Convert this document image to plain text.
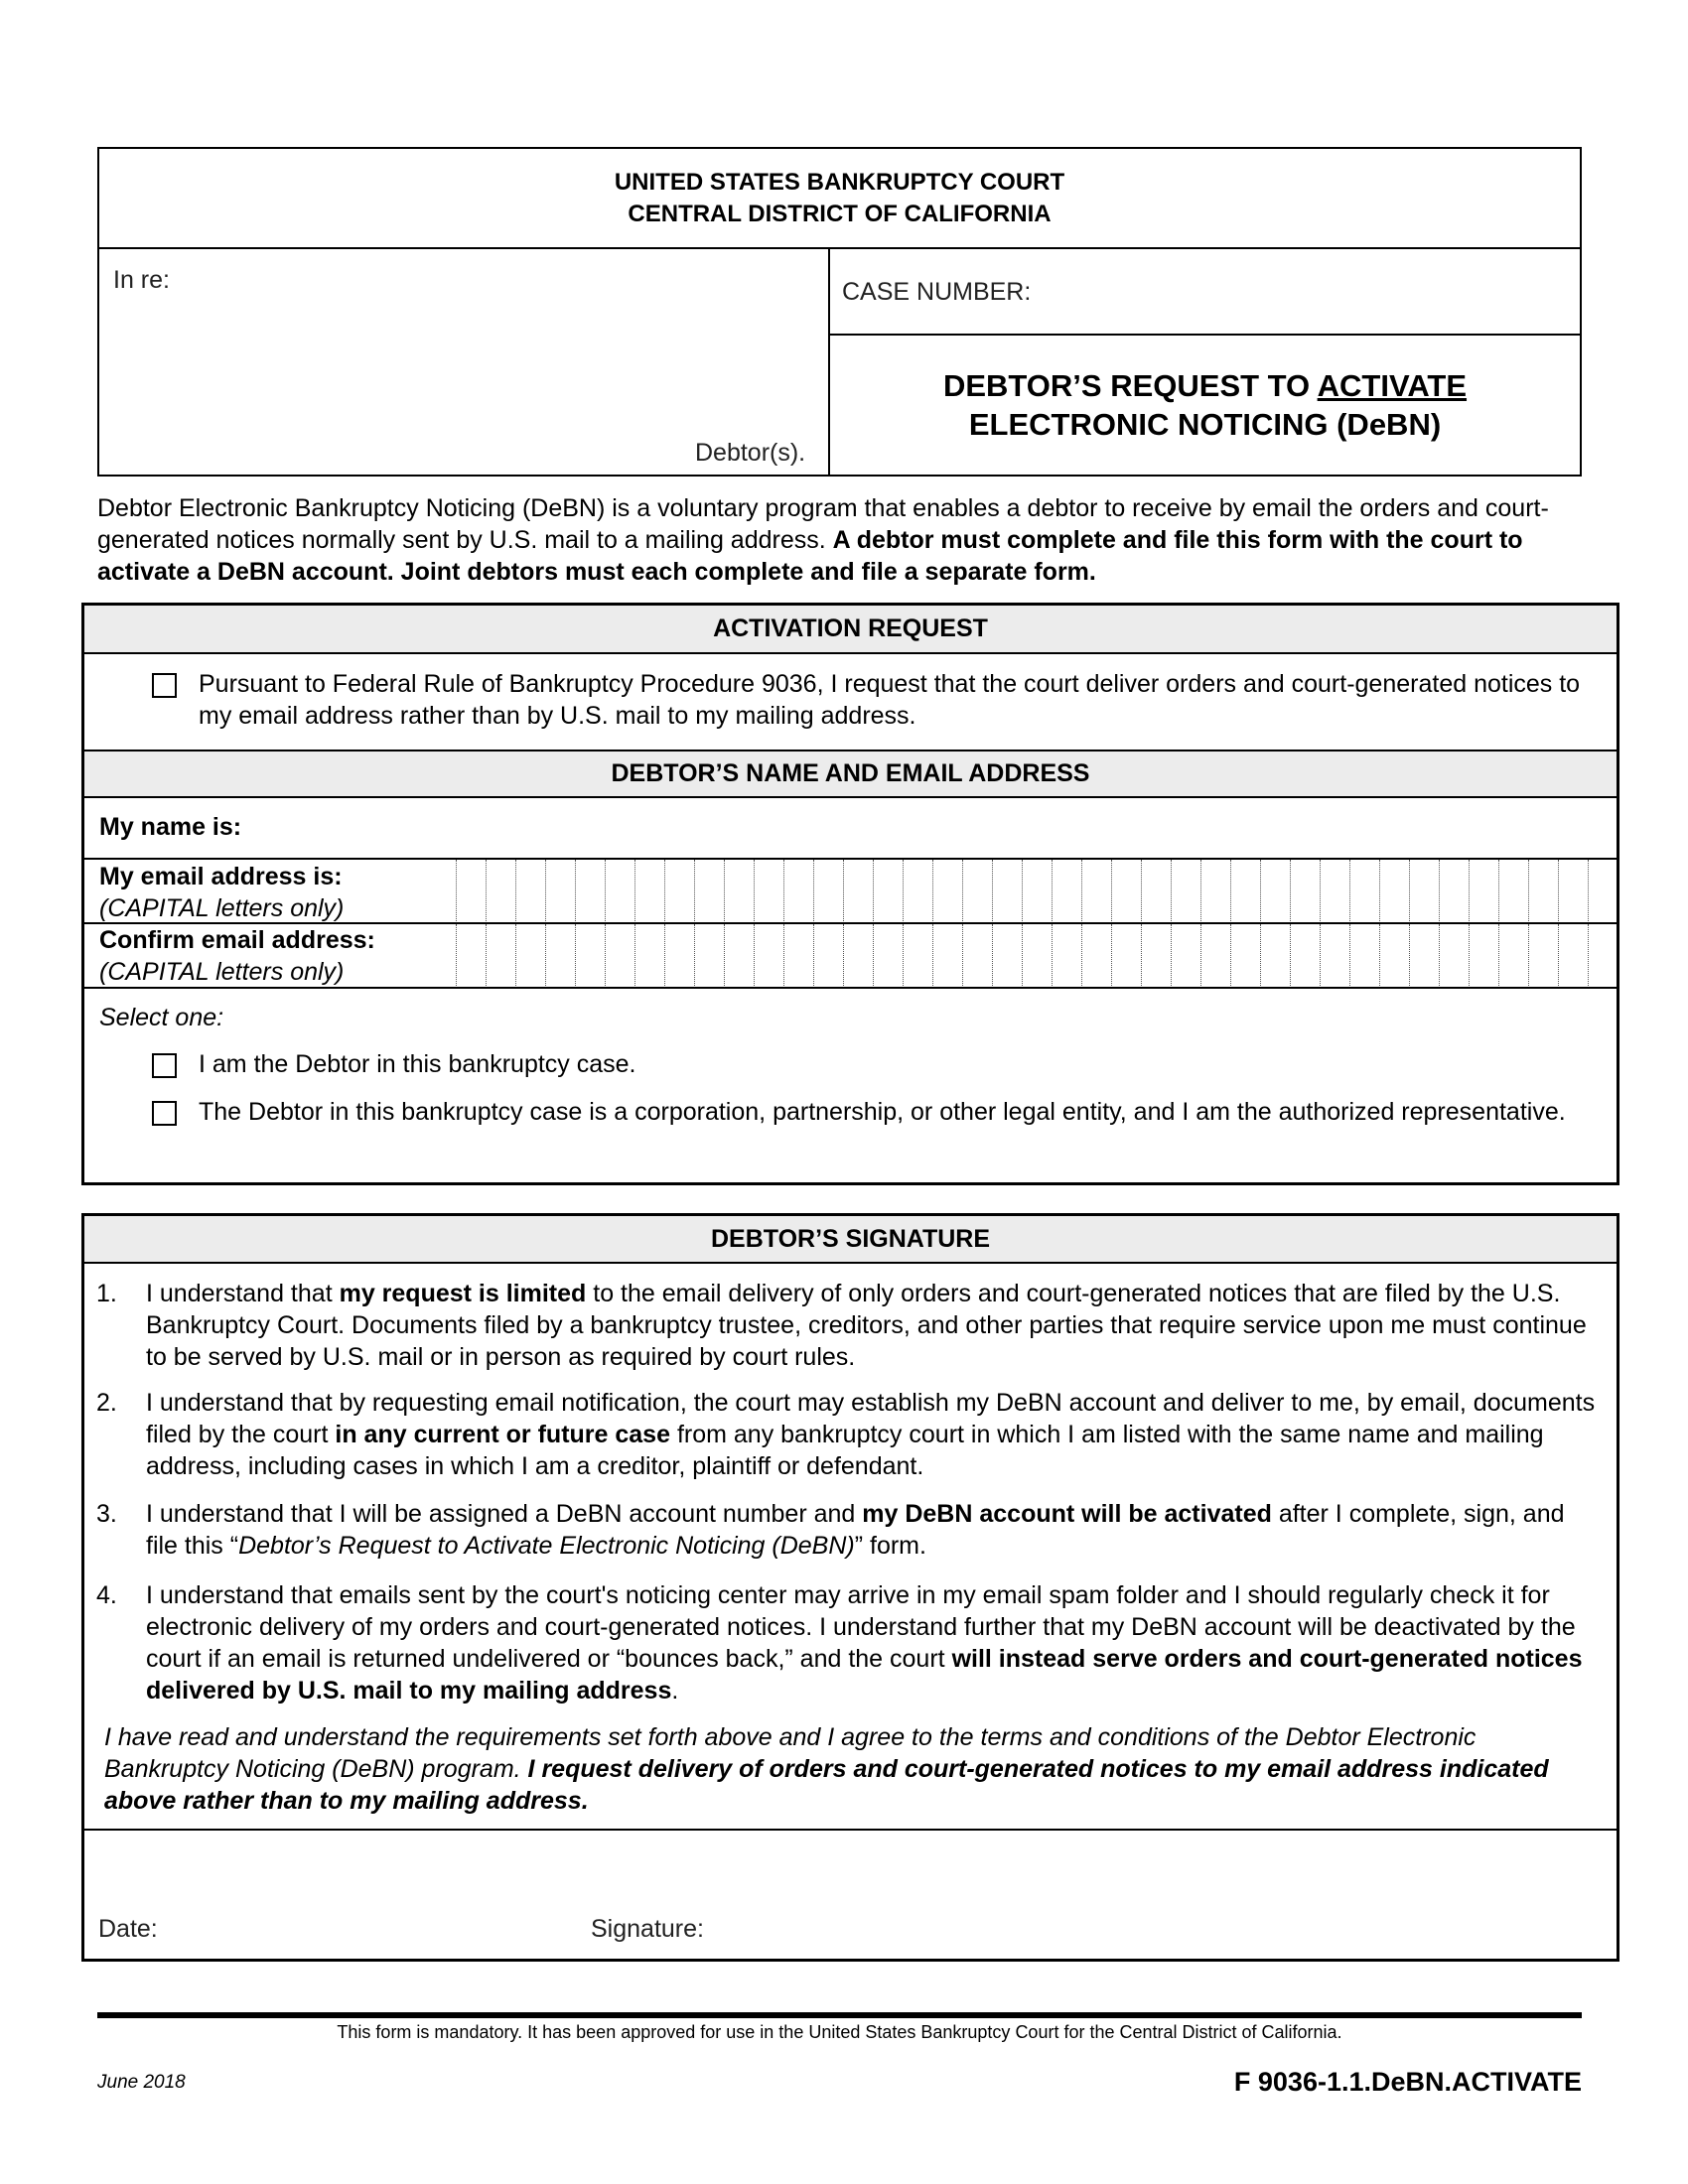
UNITED STATES BANKRUPTCY COURT
CENTRAL DISTRICT OF CALIFORNIA
In re:
Debtor(s).
CASE NUMBER:
DEBTOR’S REQUEST TO ACTIVATE
ELECTRONIC NOTICING (DeBN)
Debtor Electronic Bankruptcy Noticing (DeBN) is a voluntary program that enables a debtor to receive by email the orders and court-generated notices normally sent by U.S. mail to a mailing address. A debtor must complete and file this form with the court to activate a DeBN account. Joint debtors must each complete and file a separate form.
ACTIVATION REQUEST
Pursuant to Federal Rule of Bankruptcy Procedure 9036, I request that the court deliver orders and court-generated notices to my email address rather than by U.S. mail to my mailing address.
DEBTOR’S NAME AND EMAIL ADDRESS
My name is:
My email address is:
(CAPITAL letters only)
Confirm email address:
(CAPITAL letters only)
Select one:
I am the Debtor in this bankruptcy case.
The Debtor in this bankruptcy case is a corporation, partnership, or other legal entity, and I am the authorized representative.
DEBTOR’S SIGNATURE
1. I understand that my request is limited to the email delivery of only orders and court-generated notices that are filed by the U.S. Bankruptcy Court. Documents filed by a bankruptcy trustee, creditors, and other parties that require service upon me must continue to be served by U.S. mail or in person as required by court rules.
2. I understand that by requesting email notification, the court may establish my DeBN account and deliver to me, by email, documents filed by the court in any current or future case from any bankruptcy court in which I am listed with the same name and mailing address, including cases in which I am a creditor, plaintiff or defendant.
3. I understand that I will be assigned a DeBN account number and my DeBN account will be activated after I complete, sign, and file this “Debtor’s Request to Activate Electronic Noticing (DeBN)” form.
4. I understand that emails sent by the court's noticing center may arrive in my email spam folder and I should regularly check it for electronic delivery of my orders and court-generated notices. I understand further that my DeBN account will be deactivated by the court if an email is returned undelivered or “bounces back,” and the court will instead serve orders and court-generated notices delivered by U.S. mail to my mailing address.
I have read and understand the requirements set forth above and I agree to the terms and conditions of the Debtor Electronic Bankruptcy Noticing (DeBN) program. I request delivery of orders and court-generated notices to my email address indicated above rather than to my mailing address.
Date:	Signature:
This form is mandatory. It has been approved for use in the United States Bankruptcy Court for the Central District of California.
June 2018	F 9036-1.1.DeBN.ACTIVATE
